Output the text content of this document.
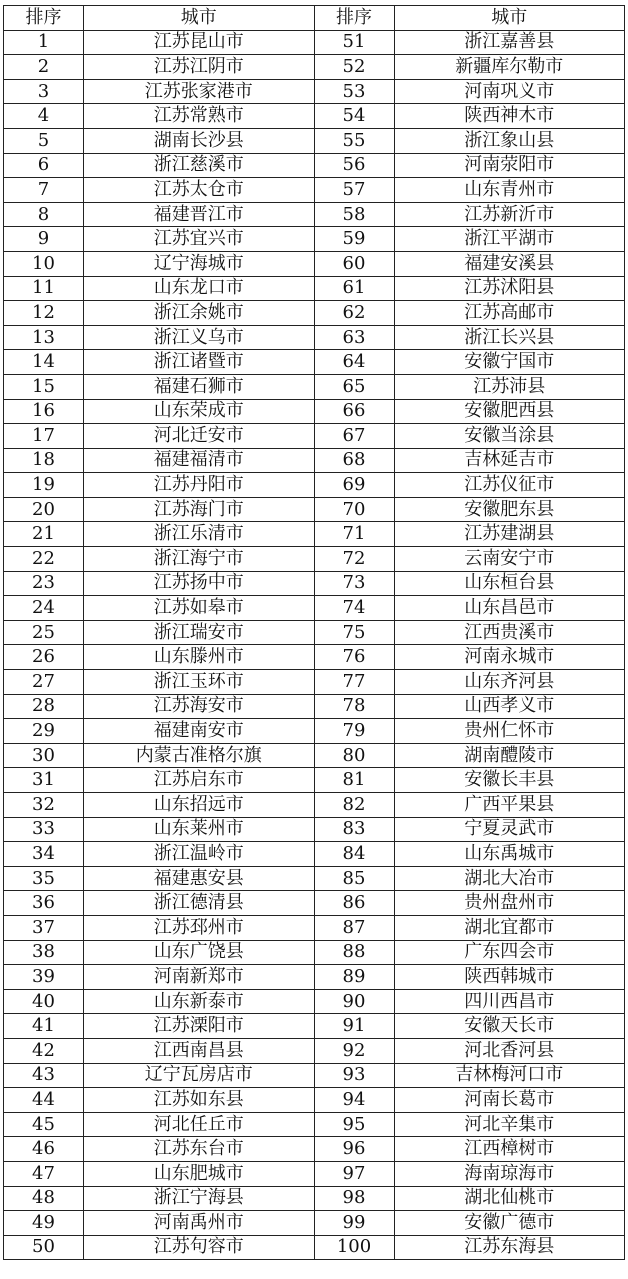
排序	城市	排序	城市
1	江苏昆山市	51	浙江嘉善县
2	江苏江阴市	52	新疆库尔勒市
3	江苏张家港市	53	河南巩义市
4	江苏常熟市	54	陕西神木市
5	湖南长沙县	55	浙江象山县
6	浙江慈溪市	56	河南荥阳市
7	江苏太仓市	57	山东青州市
8	福建晋江市	58	江苏新沂市
9	江苏宜兴市	59	浙江平湖市
10	辽宁海城市	60	福建安溪县
11	山东龙口市	61	江苏沭阳县
12	浙江余姚市	62	江苏高邮市
13	浙江义乌市	63	浙江长兴县
14	浙江诸暨市	64	安徽宁国市
15	福建石狮市	65	江苏沛县
16	山东荣成市	66	安徽肥西县
17	河北迁安市	67	安徽当涂县
18	福建福清市	68	吉林延吉市
19	江苏丹阳市	69	江苏仪征市
20	江苏海门市	70	安徽肥东县
21	浙江乐清市	71	江苏建湖县
22	浙江海宁市	72	云南安宁市
23	江苏扬中市	73	山东桓台县
24	江苏如皋市	74	山东昌邑市
25	浙江瑞安市	75	江西贵溪市
26	山东滕州市	76	河南永城市
27	浙江玉环市	77	山东齐河县
28	江苏海安市	78	山西孝义市
29	福建南安市	79	贵州仁怀市
30	内蒙古准格尔旗	80	湖南醴陵市
31	江苏启东市	81	安徽长丰县
32	山东招远市	82	广西平果县
33	山东莱州市	83	宁夏灵武市
34	浙江温岭市	84	山东禹城市
35	福建惠安县	85	湖北大冶市
36	浙江德清县	86	贵州盘州市
37	江苏邳州市	87	湖北宜都市
38	山东广饶县	88	广东四会市
39	河南新郑市	89	陕西韩城市
40	山东新泰市	90	四川西昌市
41	江苏溧阳市	91	安徽天长市
42	江西南昌县	92	河北香河县
43	辽宁瓦房店市	93	吉林梅河口市
44	江苏如东县	94	河南长葛市
45	河北任丘市	95	河北辛集市
46	江苏东台市	96	江西樟树市
47	山东肥城市	97	海南琼海市
48	浙江宁海县	98	湖北仙桃市
49	河南禹州市	99	安徽广德市
50	江苏句容市	100	江苏东海县
